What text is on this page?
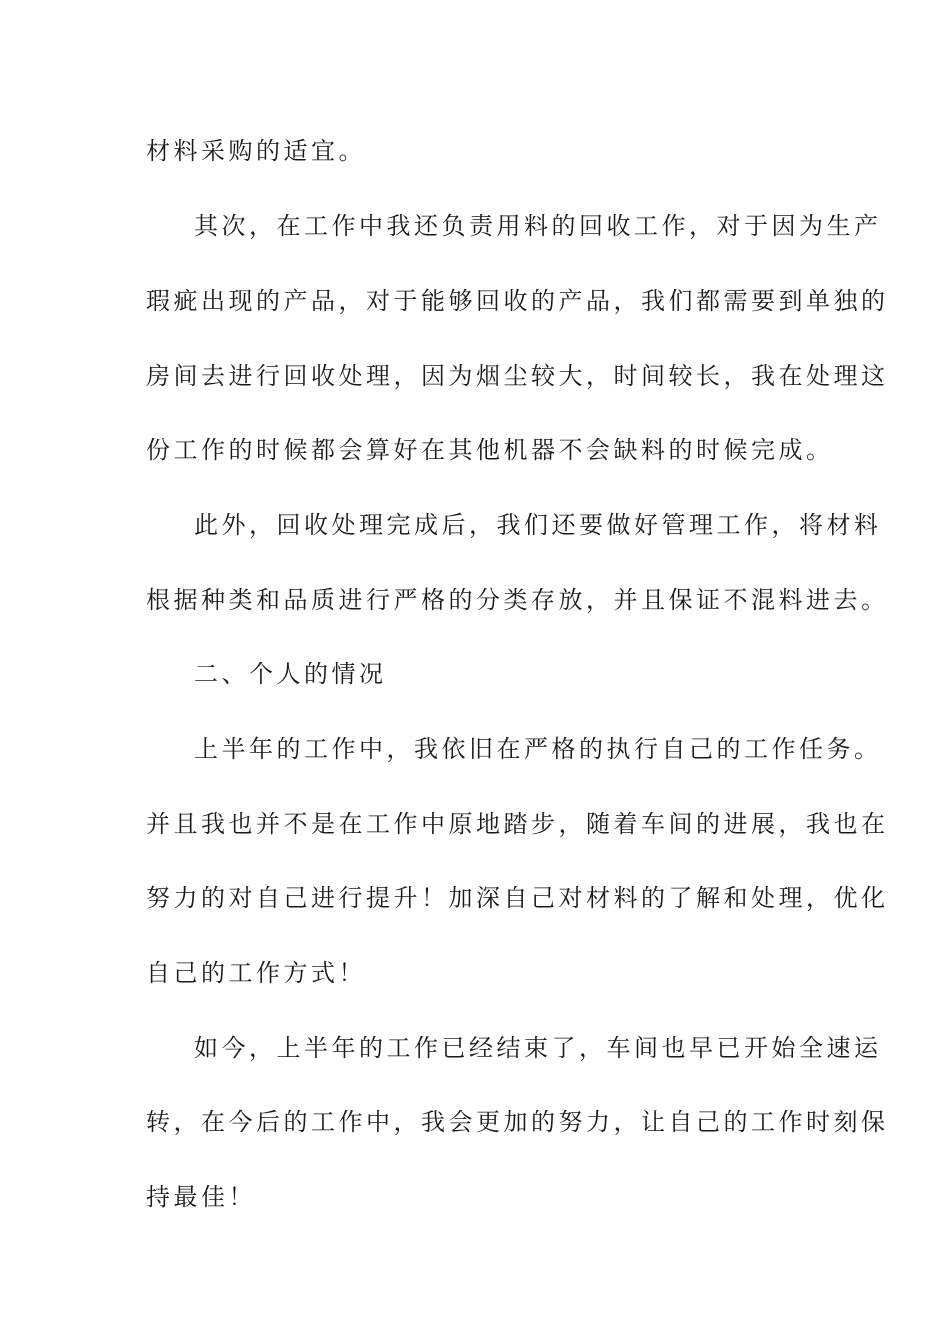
材料采购的适宜。
其次，在工作中我还负责用料的回收工作，对于因为生产
瑕疵出现的产品，对于能够回收的产品，我们都需要到单独的
房间去进行回收处理，因为烟尘较大，时间较长，我在处理这
份工作的时候都会算好在其他机器不会缺料的时候完成。
此外，回收处理完成后，我们还要做好管理工作，将材料
根据种类和品质进行严格的分类存放，并且保证不混料进去。
二、个人的情况
上半年的工作中，我依旧在严格的执行自己的工作任务。
并且我也并不是在工作中原地踏步，随着车间的进展，我也在
努力的对自己进行提升！加深自己对材料的了解和处理，优化
自己的工作方式！
如今，上半年的工作已经结束了，车间也早已开始全速运
转，在今后的工作中，我会更加的努力，让自己的工作时刻保
持最佳！
